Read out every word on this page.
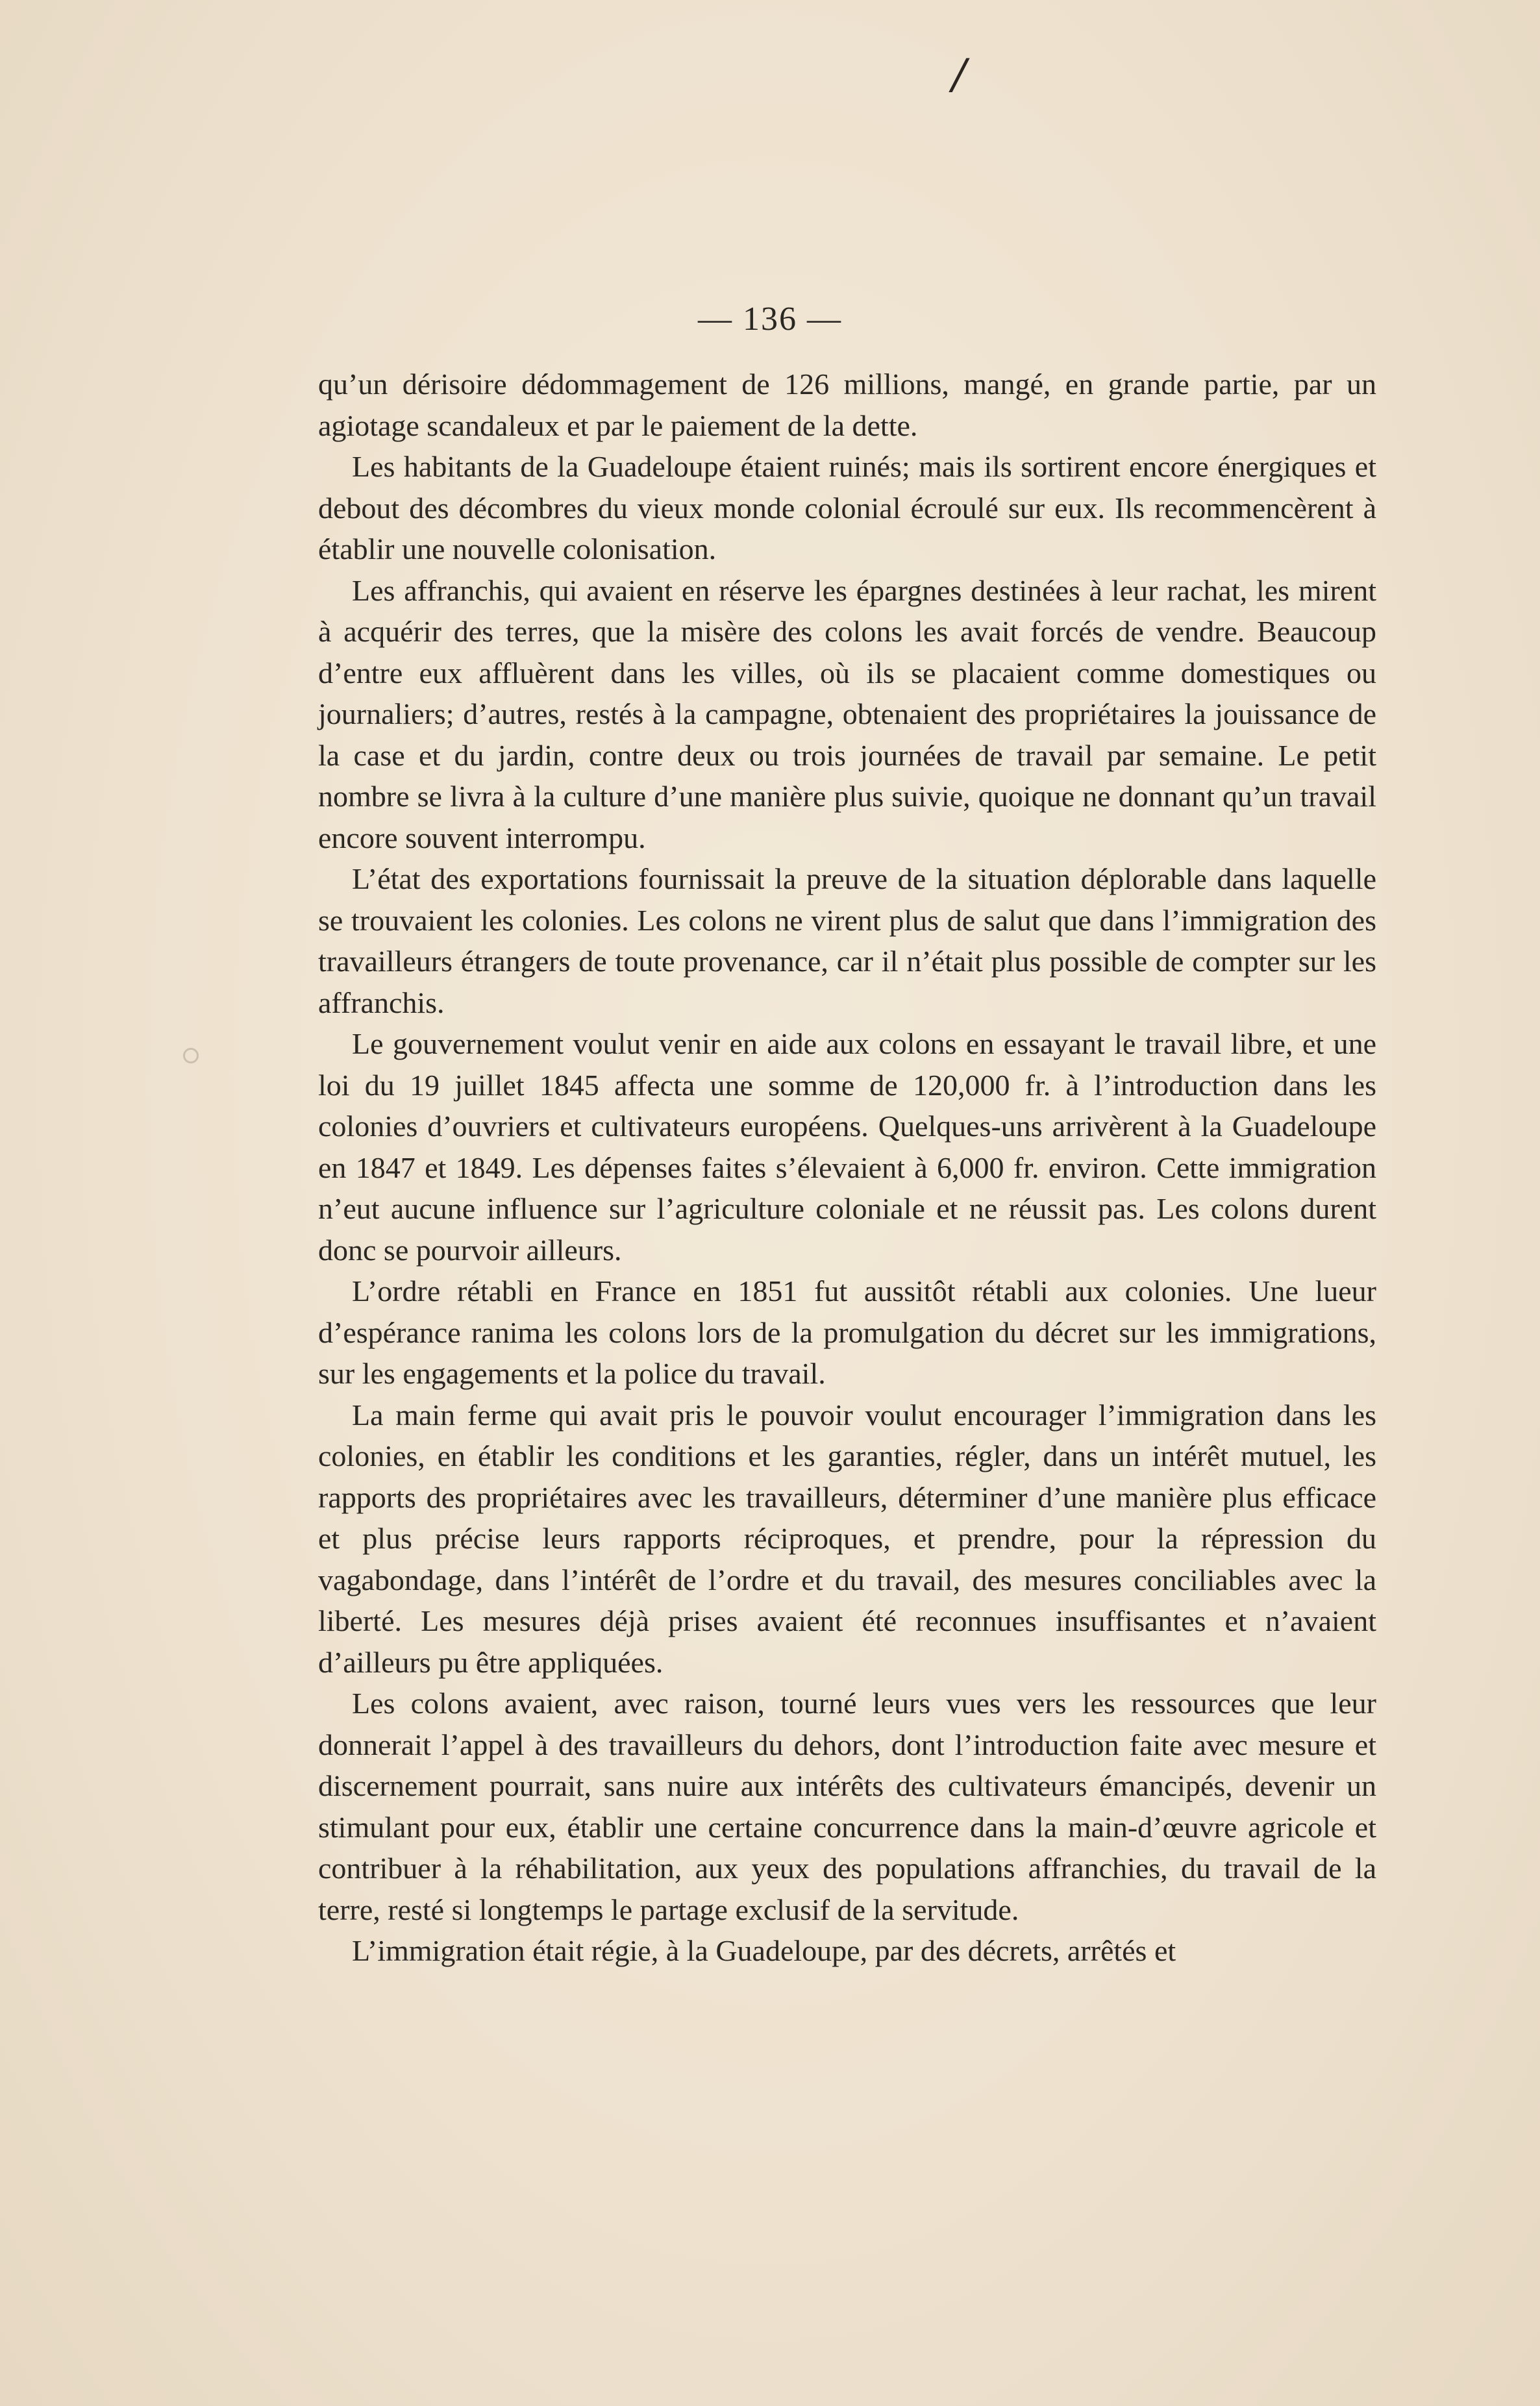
/
— 136 —

qu’un dérisoire dédommagement de 126 millions, mangé, en grande partie, par un agiotage scandaleux et par le paiement de la dette.

Les habitants de la Guadeloupe étaient ruinés; mais ils sortirent encore énergiques et debout des décombres du vieux monde colonial écroulé sur eux. Ils recommencèrent à établir une nouvelle colonisation.

Les affranchis, qui avaient en réserve les épargnes destinées à leur rachat, les mirent à acquérir des terres, que la misère des colons les avait forcés de vendre. Beaucoup d’entre eux affluèrent dans les villes, où ils se placaient comme domestiques ou journaliers; d’autres, restés à la campagne, obtenaient des propriétaires la jouissance de la case et du jardin, contre deux ou trois journées de travail par semaine. Le petit nombre se livra à la culture d’une manière plus suivie, quoique ne donnant qu’un travail encore souvent interrompu.

L’état des exportations fournissait la preuve de la situation déplorable dans laquelle se trouvaient les colonies. Les colons ne virent plus de salut que dans l’immigration des travailleurs étrangers de toute provenance, car il n’était plus possible de compter sur les affranchis.

Le gouvernement voulut venir en aide aux colons en essayant le travail libre, et une loi du 19 juillet 1845 affecta une somme de 120,000 fr. à l’introduction dans les colonies d’ouvriers et cultivateurs européens. Quelques-uns arrivèrent à la Guadeloupe en 1847 et 1849. Les dépenses faites s’élevaient à 6,000 fr. environ. Cette immigration n’eut aucune influence sur l’agriculture coloniale et ne réussit pas. Les colons durent donc se pourvoir ailleurs.

L’ordre rétabli en France en 1851 fut aussitôt rétabli aux colonies. Une lueur d’espérance ranima les colons lors de la promulgation du décret sur les immigrations, sur les engagements et la police du travail.

La main ferme qui avait pris le pouvoir voulut encourager l’immigration dans les colonies, en établir les conditions et les garanties, régler, dans un intérêt mutuel, les rapports des propriétaires avec les travailleurs, déterminer d’une manière plus efficace et plus précise leurs rapports réciproques, et prendre, pour la répression du vagabondage, dans l’intérêt de l’ordre et du travail, des mesures conciliables avec la liberté. Les mesures déjà prises avaient été reconnues insuffisantes et n’avaient d’ailleurs pu être appliquées.

Les colons avaient, avec raison, tourné leurs vues vers les ressources que leur donnerait l’appel à des travailleurs du dehors, dont l’introduction faite avec mesure et discernement pourrait, sans nuire aux intérêts des cultivateurs émancipés, devenir un stimulant pour eux, établir une certaine concurrence dans la main-d’œuvre agricole et contribuer à la réhabilitation, aux yeux des populations affranchies, du travail de la terre, resté si longtemps le partage exclusif de la servitude.

L’immigration était régie, à la Guadeloupe, par des décrets, arrêtés et
